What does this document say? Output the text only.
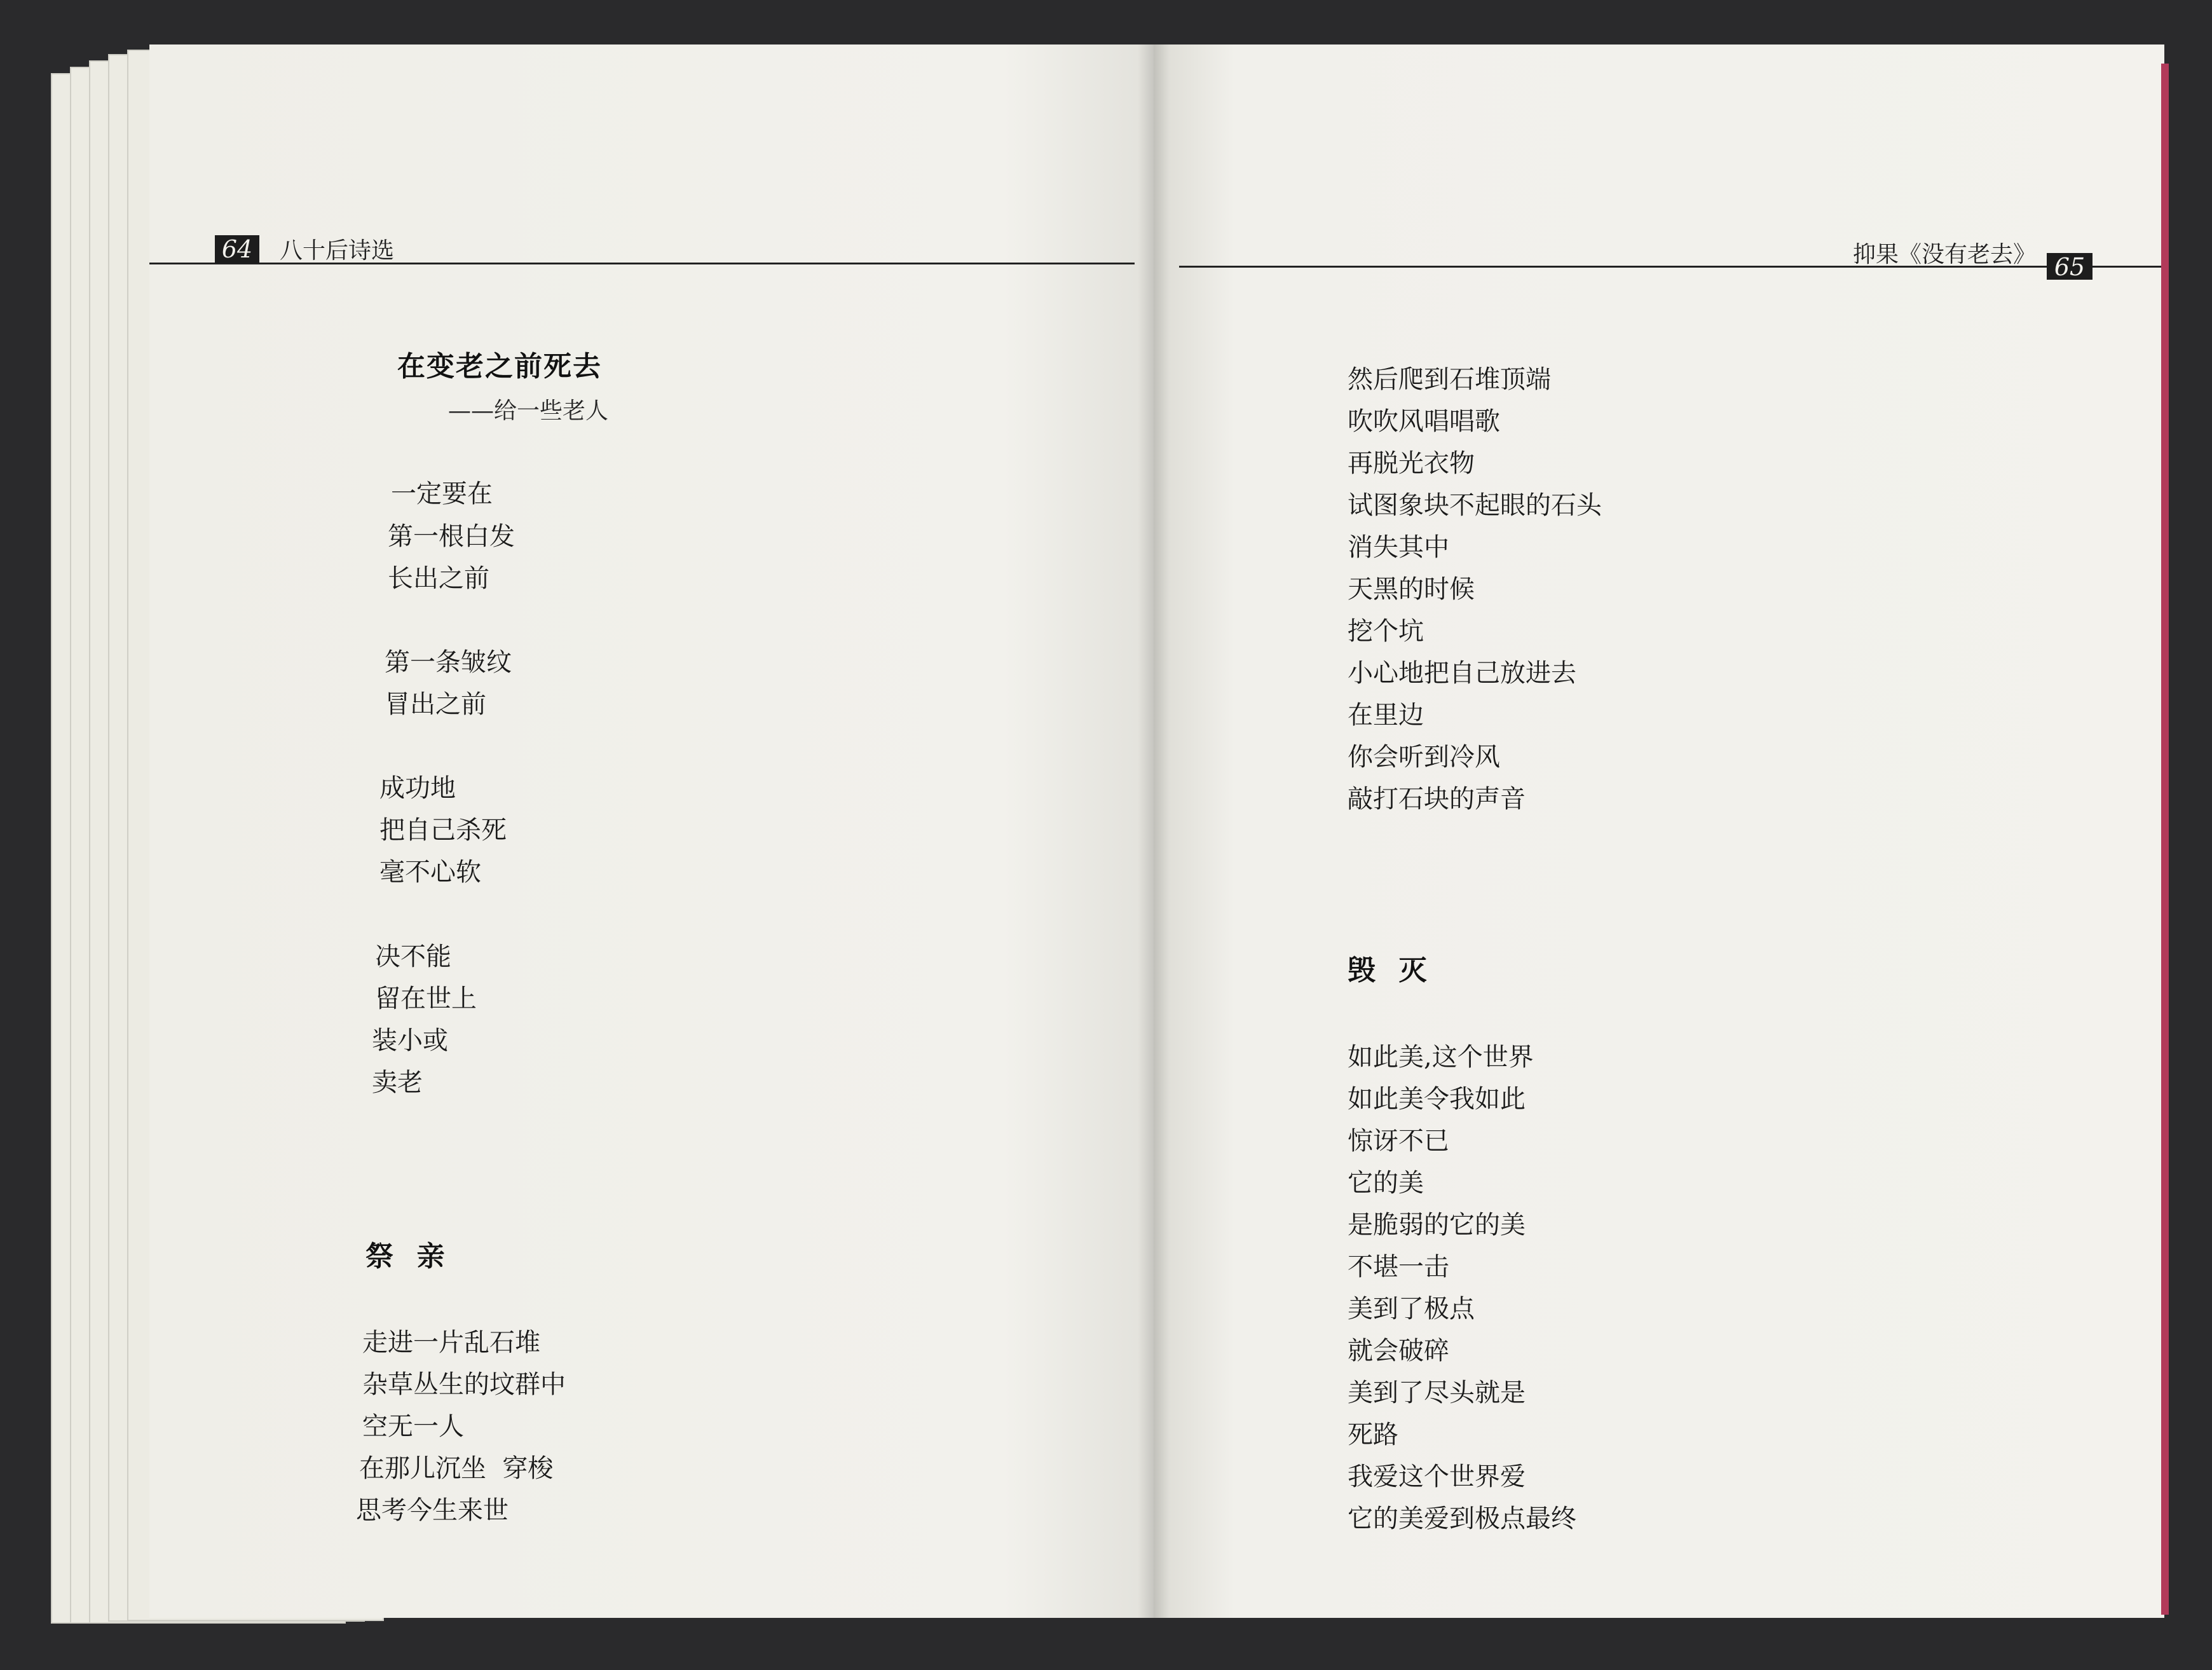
64	八十后诗选
在变老之前死去
——给一些老人
一定要在
第一根白发
长出之前
第一条皱纹
冒出之前
成功地
把自己杀死
毫不心软
决不能
留在世上
装小或
卖老
祭  亲
走进一片乱石堆
杂草丛生的坟群中
空无一人
在那儿沉坐  穿梭
思考今生来世
抑果《没有老去》 65
然后爬到石堆顶端
吹吹风唱唱歌
再脱光衣物
试图象块不起眼的石头
消失其中
天黑的时候
挖个坑
小心地把自己放进去
在里边
你会听到冷风
敲打石块的声音
毁  灭
如此美,这个世界
如此美令我如此
惊讶不已
它的美
是脆弱的它的美
不堪一击
美到了极点
就会破碎
美到了尽头就是
死路
我爱这个世界爱
它的美爱到极点最终
